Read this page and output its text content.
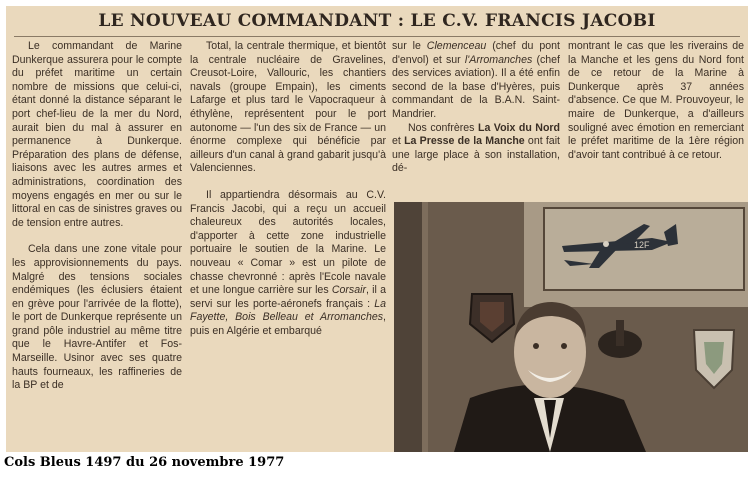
LE NOUVEAU COMMANDANT : LE C.V. FRANCIS JACOBI

Le commandant de Marine Dunkerque assurera pour le compte du préfet maritime un certain nombre de missions que celui-ci, étant donné la distance séparant le port chef-lieu de la mer du Nord, aurait bien du mal à assurer en permanence à Dunkerque. Préparation des plans de défense, liaisons avec les autres armes et administrations, coordination des moyens engagés en mer ou sur le littoral en cas de sinistres graves ou de tension entre autres.

Cela dans une zone vitale pour les approvisionnements du pays. Malgré des tensions sociales endémiques (les éclusiers étaient en grève pour l'arrivée de la flotte), le port de Dunkerque représente un grand pôle industriel au même titre que le Havre-Antifer et Fos-Marseille. Usinor avec ses quatre hauts fourneaux, les raffineries de la BP et de

Total, la centrale thermique, et bientôt la centrale nucléaire de Gravelines, Creusot-Loire, Vallouric, les chantiers navals (groupe Empain), les ciments Lafarge et plus tard le Vapocraqueur à éthylène, représentent pour le port autonome — l'un des six de France — un énorme complexe qui bénéficie par ailleurs d'un canal à grand gabarit jusqu'à Valenciennes.

Il appartiendra désormais au C.V. Francis Jacobi, qui a reçu un accueil chaleureux des autorités locales, d'apporter à cette zone industrielle portuaire le soutien de la Marine. Le nouveau « Comar » est un pilote de chasse chevronné : après l'Ecole navale et une longue carrière sur les Corsair, il a servi sur les porte-aéronefs français : La Fayette, Bois Belleau et Arromanches, puis en Algérie et embarqué

sur le Clemenceau (chef du pont d'envol) et sur l'Arromanches (chef des services aviation). Il a été enfin second de la base d'Hyères, puis commandant de la B.A.N. Saint-Mandrier.

Nos confrères La Voix du Nord et La Presse de la Manche ont fait une large place à son installation, dé-

montrant le cas que les riverains de la Manche et les gens du Nord font de ce retour de la Marine à Dunkerque après 37 années d'absence. Ce que M. Prouvoyeur, le maire de Dunkerque, a d'ailleurs souligné avec émotion en remerciant le préfet maritime de la 1ère région d'avoir tant contribué à ce retour.

12F
Cols Bleus 1497 du 26 novembre 1977
